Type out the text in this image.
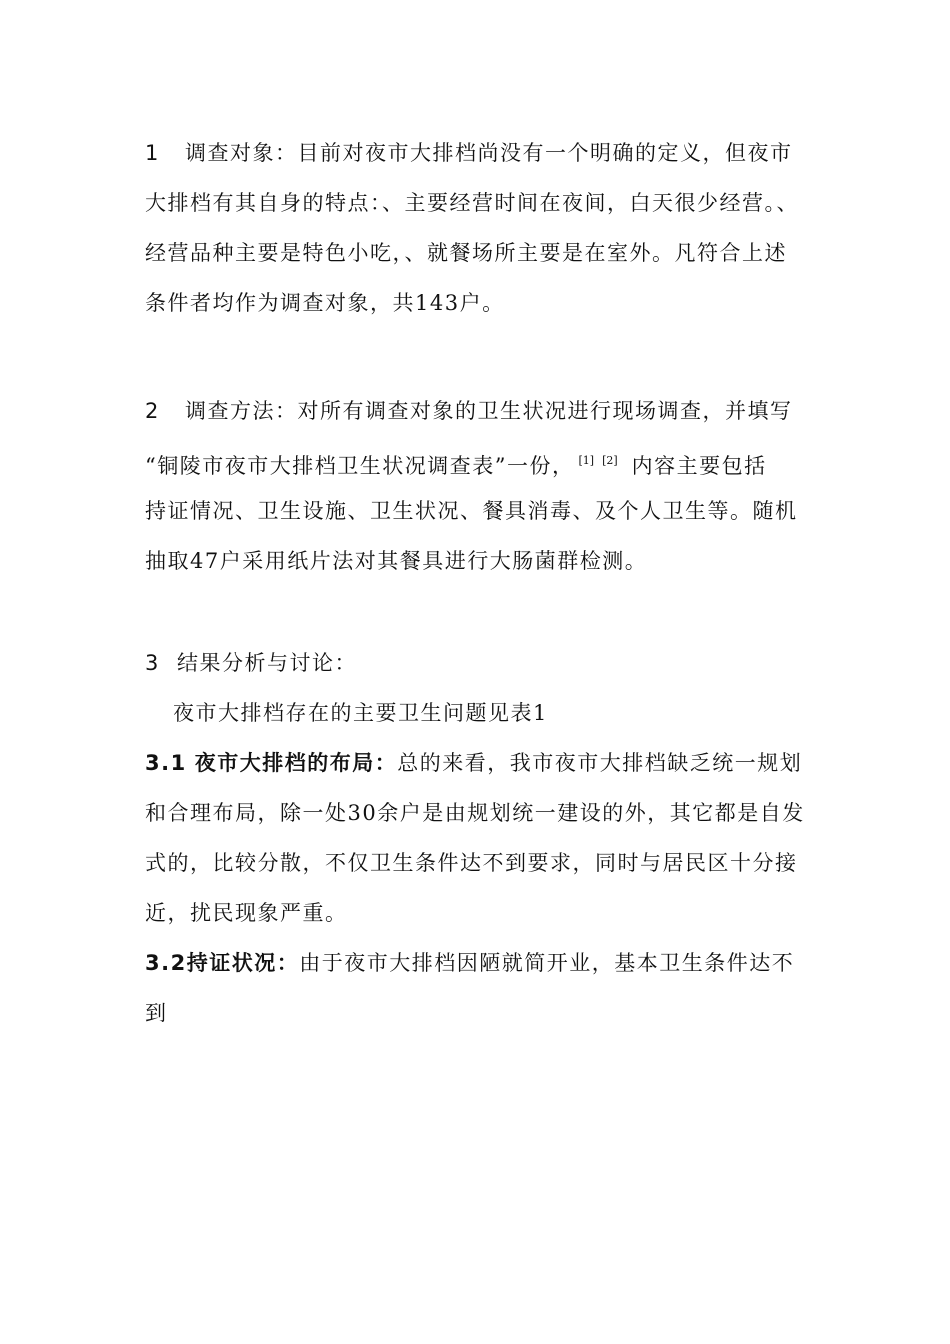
1 调查对象：目前对夜市大排档尚没有一个明确的定义，但夜市
大排档有其自身的特点：、主要经营时间在夜间，白天很少经营。、
经营品种主要是特色小吃，、就餐场所主要是在室外。凡符合上述
条件者均作为调查对象，共143户。
2 调查方法：对所有调查对象的卫生状况进行现场调查，并填写
“铜陵市夜市大排档卫生状况调查表”一份， [1] [2] 内容主要包括
持证情况、卫生设施、卫生状况、餐具消毒、及个人卫生等。随机
抽取47户采用纸片法对其餐具进行大肠菌群检测。
3 结果分析与讨论：
夜市大排档存在的主要卫生问题见表1
3.1 夜市大排档的布局：总的来看，我市夜市大排档缺乏统一规划
和合理布局，除一处30余户是由规划统一建设的外，其它都是自发
式的，比较分散，不仅卫生条件达不到要求，同时与居民区十分接
近，扰民现象严重。
3.2持证状况：由于夜市大排档因陋就简开业，基本卫生条件达不
到
